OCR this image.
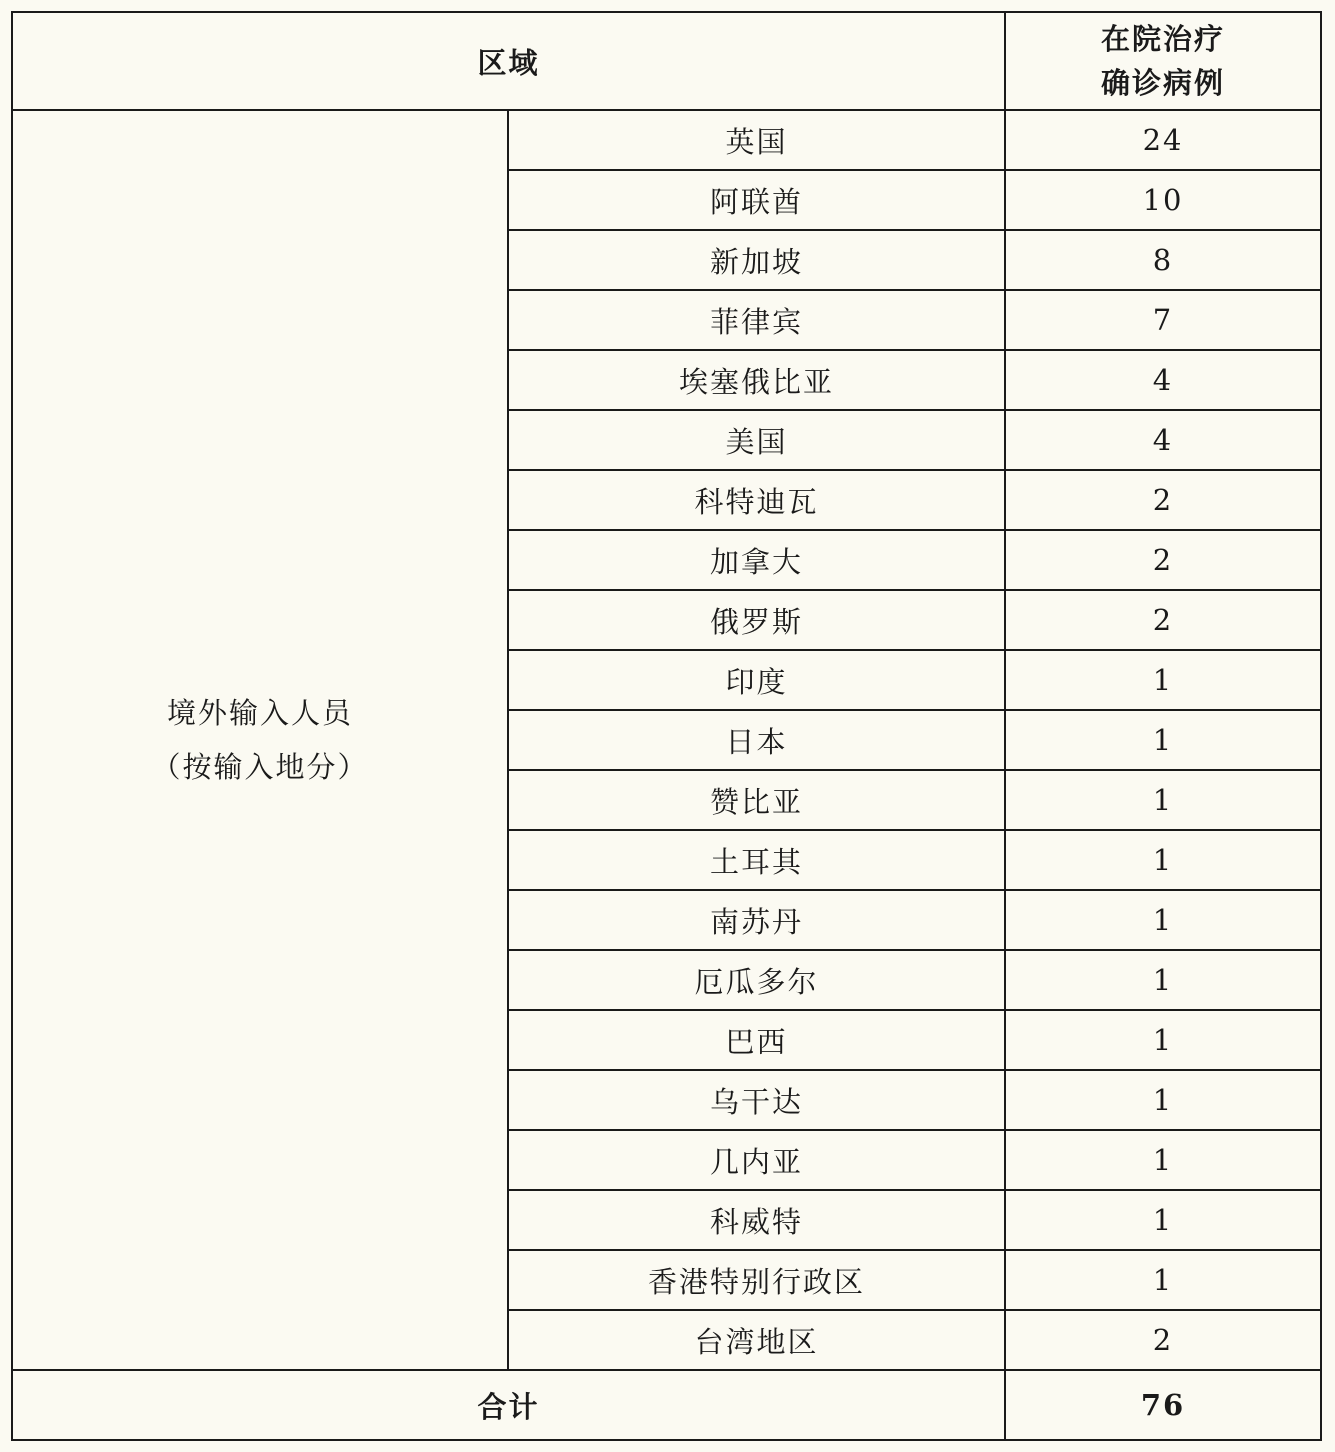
区域		在院治疗
确诊病例

境外输入人员
（按输入地分）	英国	24
	阿联酋	10
	新加坡	8
	菲律宾	7
	埃塞俄比亚	4
	美国	4
	科特迪瓦	2
	加拿大	2
	俄罗斯	2
	印度	1
	日本	1
	赞比亚	1
	土耳其	1
	南苏丹	1
	厄瓜多尔	1
	巴西	1
	乌干达	1
	几内亚	1
	科威特	1
	香港特别行政区	1
	台湾地区	2
合计		76
